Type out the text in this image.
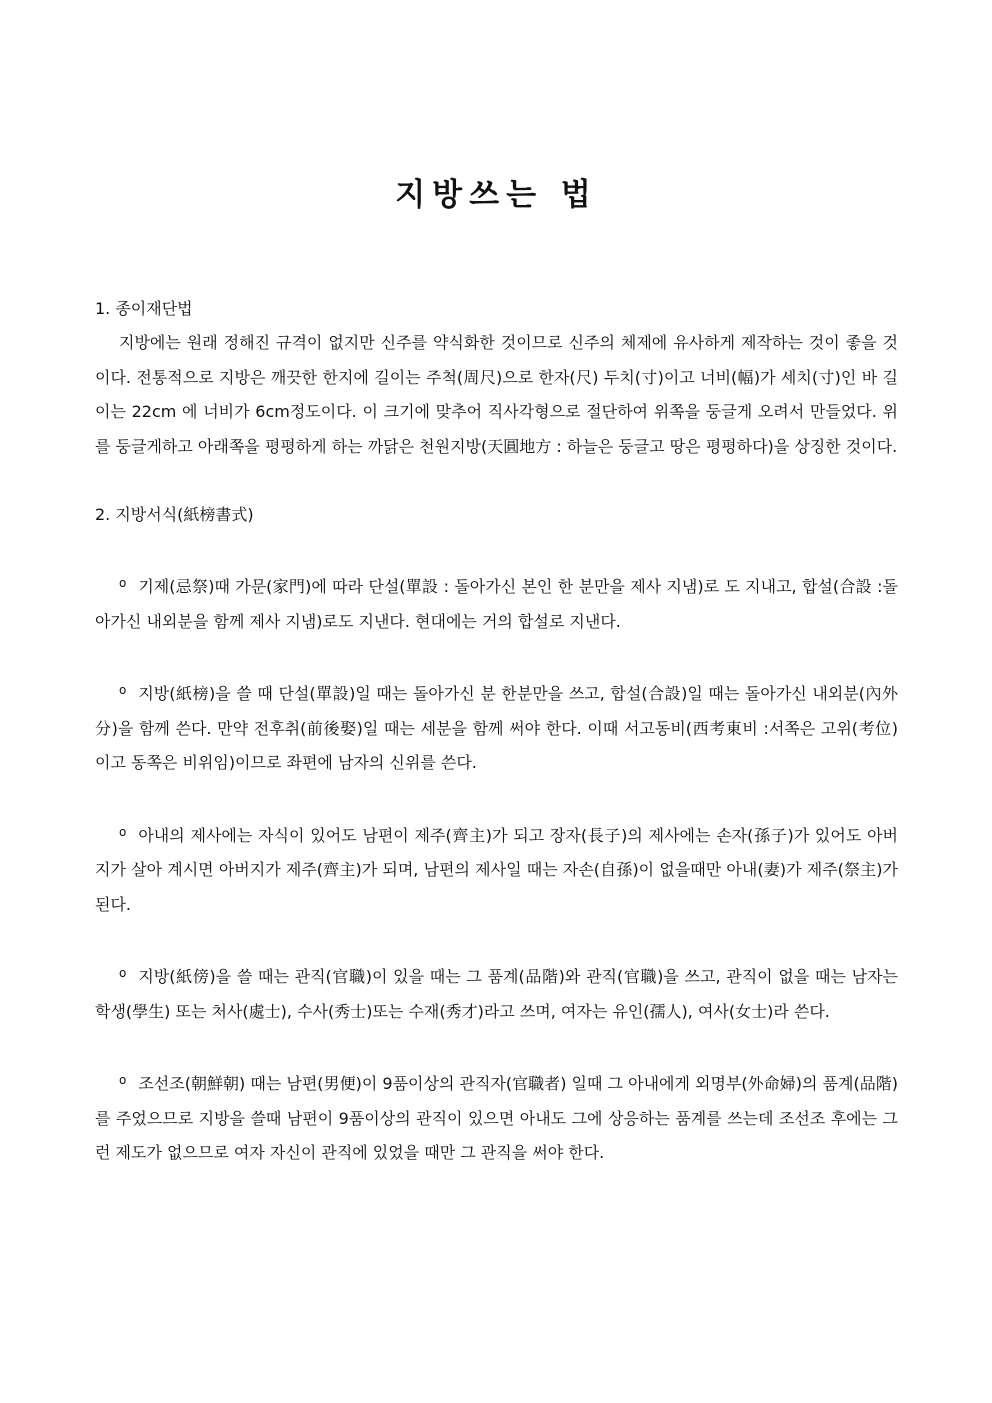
지방쓰는 법

1. 종이재단법

지방에는 원래 정해진 규격이 없지만 신주를 약식화한 것이므로 신주의 체제에 유사하게 제작하는 것이 좋을 것이다. 전통적으로 지방은 깨끗한 한지에 길이는 주척(周尺)으로 한자(尺) 두치(寸)이고 너비(幅)가 세치(寸)인 바 길이는 22cm 에 너비가 6cm정도이다. 이 크기에 맞추어 직사각형으로 절단하여 위쪽을 둥글게 오려서 만들었다. 위를 둥글게하고 아래쪽을 평평하게 하는 까닭은 천원지방(天圓地方 : 하늘은 둥글고 땅은 평평하다)을 상징한 것이다.

2. 지방서식(紙榜書式)

o 기제(忌祭)때 가문(家門)에 따라 단설(單設 : 돌아가신 본인 한 분만을 제사 지냄)로 도 지내고, 합설(合設 :돌아가신 내외분을 함께 제사 지냄)로도 지낸다. 현대에는 거의 합설로 지낸다.

o 지방(紙榜)을 쓸 때 단설(單設)일 때는 돌아가신 분 한분만을 쓰고, 합설(合設)일 때는 돌아가신 내외분(內外分)을 함께 쓴다. 만약 전후취(前後娶)일 때는 세분을 함께 써야 한다. 이때 서고동비(西考東비 :서쪽은 고위(考位)이고 동쪽은 비위임)이므로 좌편에 남자의 신위를 쓴다.

o 아내의 제사에는 자식이 있어도 남편이 제주(齊主)가 되고 장자(長子)의 제사에는 손자(孫子)가 있어도 아버지가 살아 계시면 아버지가 제주(齊主)가 되며, 남편의 제사일 때는 자손(自孫)이 없을때만 아내(妻)가 제주(祭主)가 된다.

o 지방(紙傍)을 쓸 때는 관직(官職)이 있을 때는 그 품계(品階)와 관직(官職)을 쓰고, 관직이 없을 때는 남자는 학생(學生) 또는 처사(處士), 수사(秀士)또는 수재(秀才)라고 쓰며, 여자는 유인(孺人), 여사(女士)라 쓴다.

o 조선조(朝鮮朝) 때는 남편(男便)이 9품이상의 관직자(官職者) 일때 그 아내에게 외명부(外命婦)의 품계(品階)를 주었으므로 지방을 쓸때 남편이 9품이상의 관직이 있으면 아내도 그에 상응하는 품계를 쓰는데 조선조 후에는 그런 제도가 없으므로 여자 자신이 관직에 있었을 때만 그 관직을 써야 한다.
